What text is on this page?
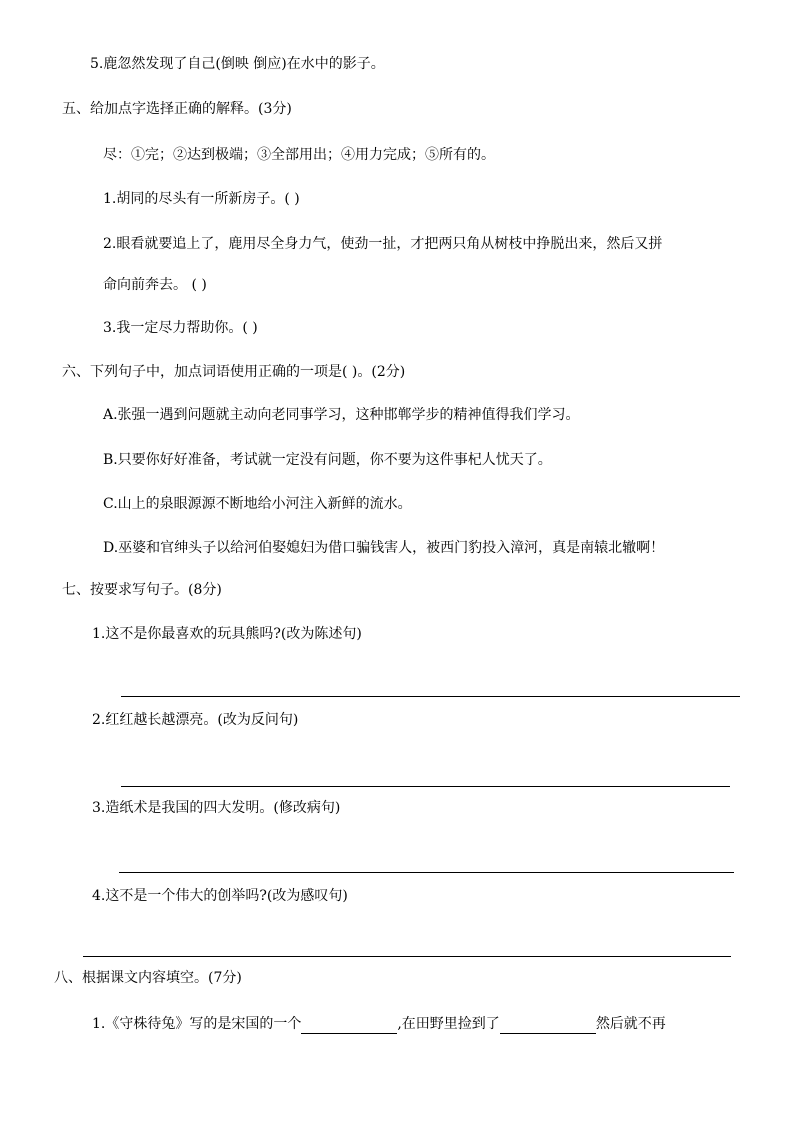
5.鹿忽然发现了自己(倒映 倒应)在水中的影子。
五、给加点字选择正确的解释。(3分)
尽：①完；②达到极端；③全部用出；④用力完成；⑤所有的。
1.胡同的尽头有一所新房子。( )
2.眼看就要追上了，鹿用尽全身力气，使劲一扯，才把两只角从树枝中挣脱出来，然后又拼
命向前奔去。 ( )
3.我一定尽力帮助你。( )
六、下列句子中，加点词语使用正确的一项是( )。(2分)
A.张强一遇到问题就主动向老同事学习，这种邯郸学步的精神值得我们学习。
B.只要你好好准备，考试就一定没有问题，你不要为这件事杞人忧天了。
C.山上的泉眼源源不断地给小河注入新鲜的流水。
D.巫婆和官绅头子以给河伯娶媳妇为借口骗钱害人，被西门豹投入漳河，真是南辕北辙啊！
七、按要求写句子。(8分)
1.这不是你最喜欢的玩具熊吗?(改为陈述句)
2.红红越长越漂亮。(改为反问句)
3.造纸术是我国的四大发明。(修改病句)
4.这不是一个伟大的创举吗?(改为感叹句)
八、根据课文内容填空。(7分)
1.《守株待兔》写的是宋国的一个	,在田野里捡到了	然后就不再
